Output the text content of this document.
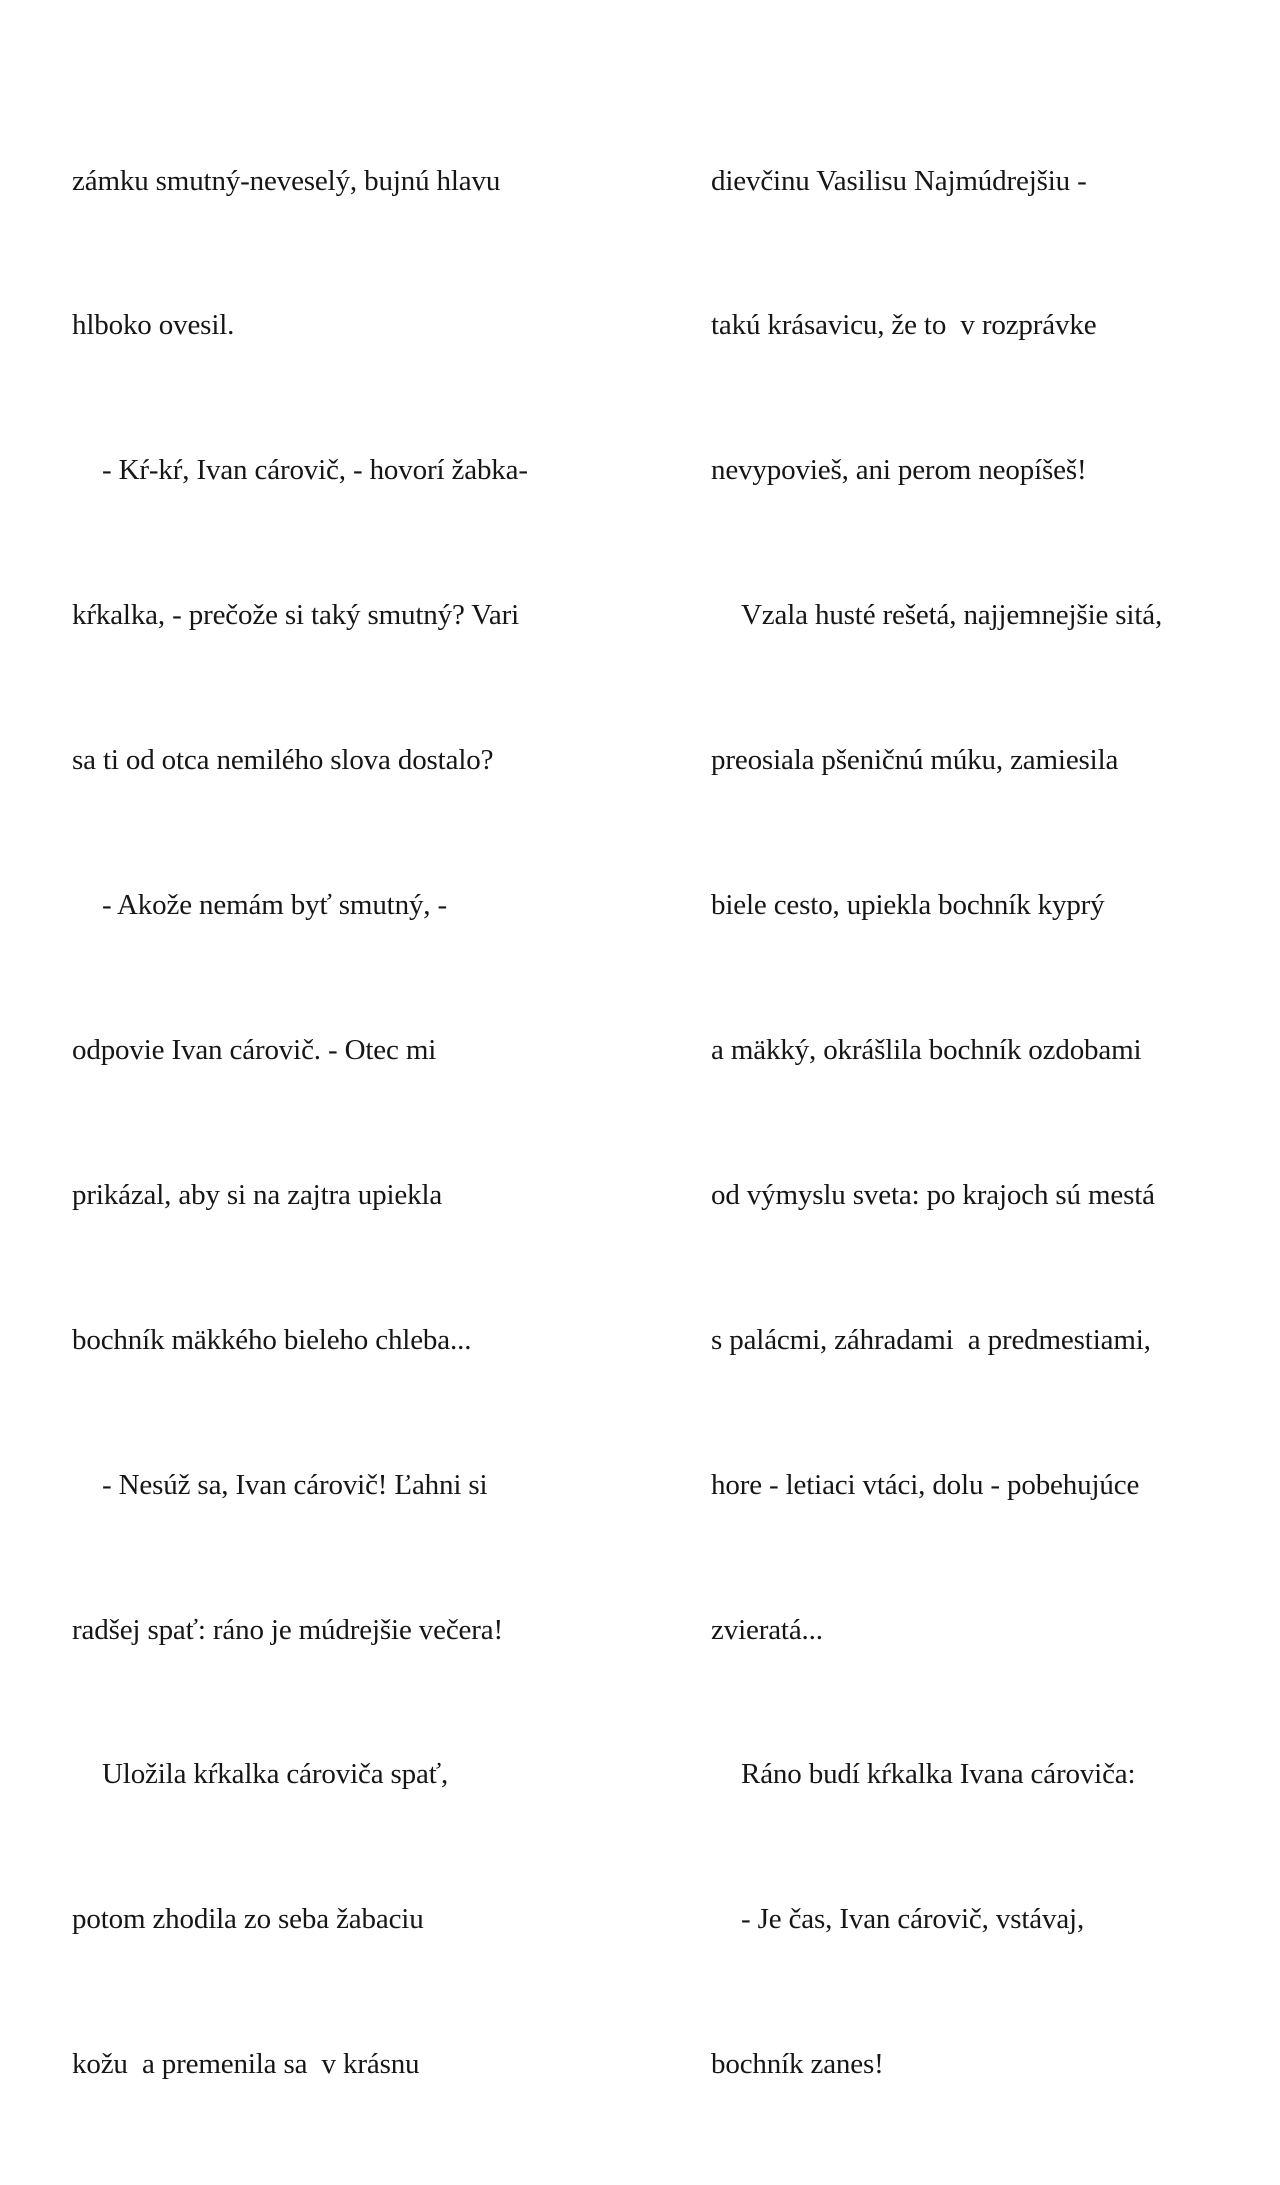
zámku smutný-neveselý, bujnú hlavu

hlboko ovesil.

- Kŕ-kŕ, Ivan cárovič, - hovorí žabka-

kŕkalka, - prečože si taký smutný? Vari

sa ti od otca nemilého slova dostalo?

- Akože nemám byť smutný, -

odpovie Ivan cárovič. - Otec mi

prikázal, aby si na zajtra upiekla

bochník mäkkého bieleho chleba...

- Nesúž sa, Ivan cárovič! Ľahni si

radšej spať: ráno je múdrejšie večera!

Uložila kŕkalka cároviča spať,

potom zhodila zo seba žabaciu

kožu  a premenila sa  v krásnu

dievčinu Vasilisu Najmúdrejšiu -

takú krásavicu, že to  v rozprávke

nevypovieš, ani perom neopíšeš!

Vzala husté rešetá, najjemnejšie sitá,

preosiala pšeničnú múku, zamiesila

biele cesto, upiekla bochník kyprý

a mäkký, okrášlila bochník ozdobami

od výmyslu sveta: po krajoch sú mestá

s palácmi, záhradami  a predmestiami,

hore - letiaci vtáci, dolu - pobehujúce

zvieratá...

Ráno budí kŕkalka Ivana cároviča:

- Je čas, Ivan cárovič, vstávaj,

bochník zanes!
